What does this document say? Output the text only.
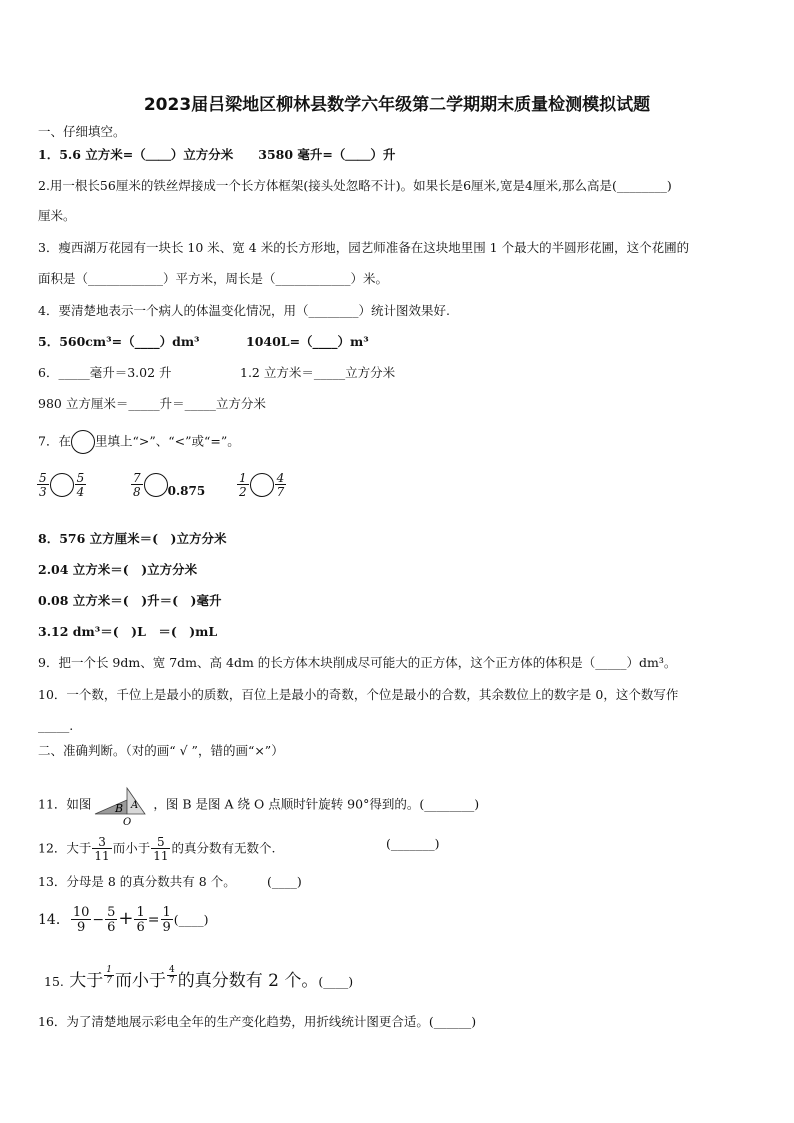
2023届吕梁地区柳林县数学六年级第二学期期末质量检测模拟试题
一、仔细填空。
1．5.6 立方米=（＿＿）立方分米　　3580 毫升=（＿＿）升
2.用一根长56厘米的铁丝焊接成一个长方体框架(接头处忽略不计)。如果长是6厘米,宽是4厘米,那么高是(________)
厘米。
3．瘦西湖万花园有一块长 10 米、宽 4 米的长方形地，园艺师准备在这块地里围 1 个最大的半圆形花圃，这个花圃的
面积是（____________）平方米，周长是（____________）米。
4．要清楚地表示一个病人的体温变化情况，用（________）统计图效果好.
5．560cm³=（____）dm³	1040L=（____）m³
6．_____毫升＝3.02 升	1.2 立方米＝_____立方分米
980 立方厘米＝_____升＝_____立方分米
7．在 里填上“>”、“<”或“=”。
$\frac{5}{3} \frac{5}{4}$	$\frac{7}{8} 0.875$	$\frac{1}{2} \frac{4}{7}$
8．576 立方厘米＝(　)立方分米
2.04 立方米＝(　)立方分米
0.08 立方米＝(　)升＝(　)毫升
3.12 dm³＝(　)L　＝(　)mL
9．把一个长 9dm、宽 7dm、高 4dm 的长方体木块削成尽可能大的正方体，这个正方体的体积是（_____）dm³。
10．一个数，千位上是最小的质数，百位上是最小的奇数，个位是最小的合数，其余数位上的数字是 0，这个数写作
_____.
二、准确判断。（对的画“ √ ”，错的画“×”）
11．如图 B A
O
，图 B 是图 A 绕 O 点顺时针旋转 90°得到的。(________)
12．大于 $\frac{3}{11}$ 而小于 $\frac{5}{11}$ 的真分数有无数个.	(_______)
13．分母是 8 的真分数共有 8 个。　　　(____)
14． $\frac{10}{9} - \frac{5}{6} + \frac{1}{6} = \frac{1}{9}$ (____)
15. 大于 $\frac{1}{7}$ 而小于 $\frac{4}{7}$ 的真分数有 2 个。(____)
16．为了清楚地展示彩电全年的生产变化趋势，用折线统计图更合适。(______)
